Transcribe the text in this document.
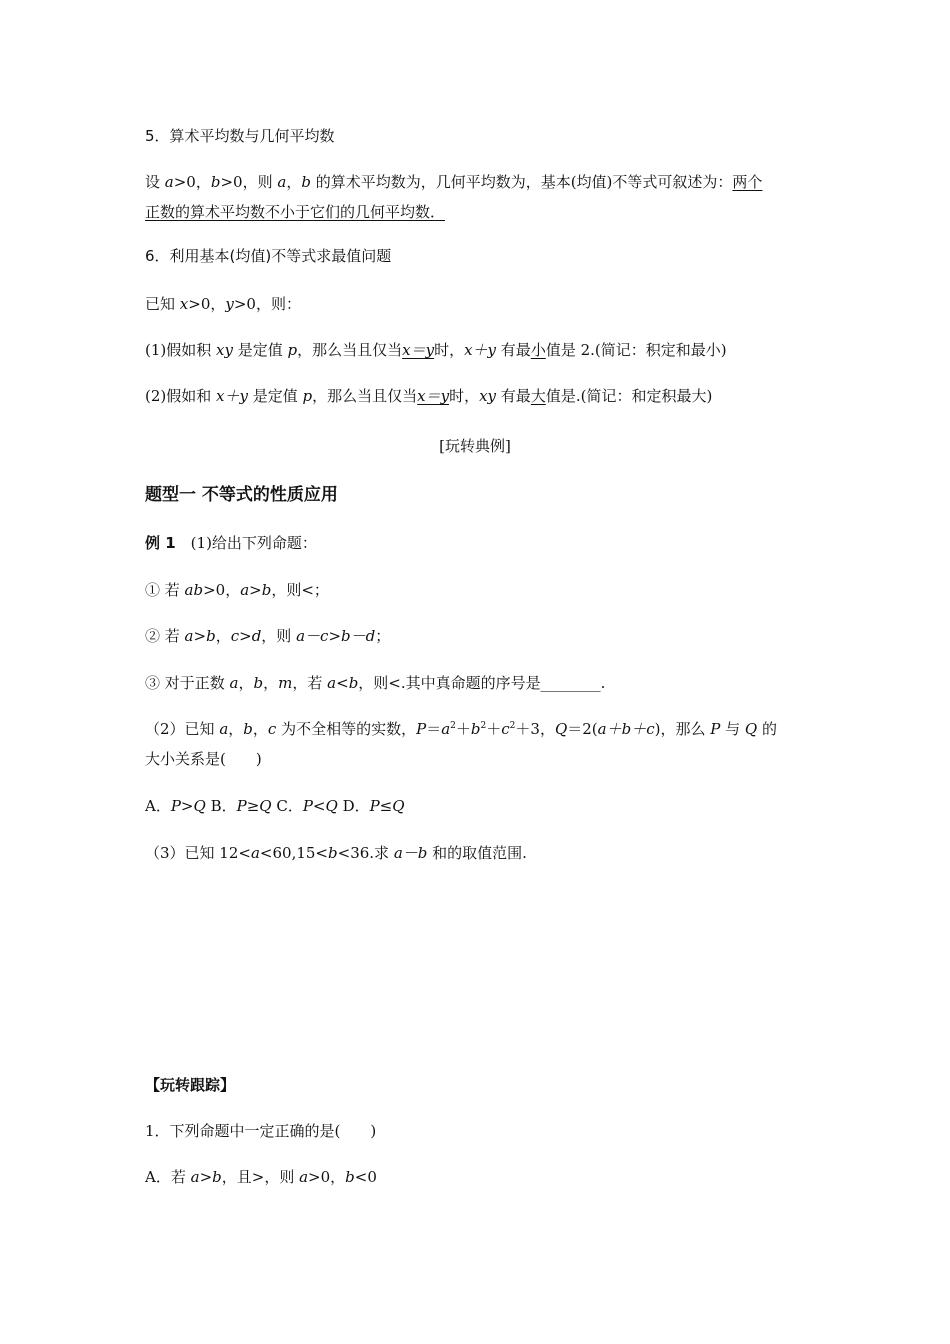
5．算术平均数与几何平均数
设 a>0，b>0，则 a，b 的算术平均数为，几何平均数为，基本(均值)不等式可叙述为：两个
正数的算术平均数不小于它们的几何平均数．
6．利用基本(均值)不等式求最值问题
已知 x>0，y>0，则：
(1)假如积 xy 是定值 p，那么当且仅当x＝y时，x＋y 有最小值是 2.(简记：积定和最小)
(2)假如和 x＋y 是定值 p，那么当且仅当x＝y时，xy 有最大值是.(简记：和定积最大)
[玩转典例]
题型一 不等式的性质应用
例 1　(1)给出下列命题：
① 若 ab>0，a>b，则<；
② 若 a>b，c>d，则 a－c>b－d；
③ 对于正数 a，b，m，若 a<b，则<.其中真命题的序号是________.
（2）已知 a，b，c 为不全相等的实数，$P=a^2+b^2+c^2+3$，Q＝2(a＋b＋c)，那么 P 与 Q 的
大小关系是(　　)
A．P>Q B．P≥Q C．P<Q D．P≤Q
（3）已知 12<a<60,15<b<36.求 a－b 和的取值范围.
【玩转跟踪】
1．下列命题中一定正确的是(　　)
A．若 a>b，且>，则 a>0，b<0
